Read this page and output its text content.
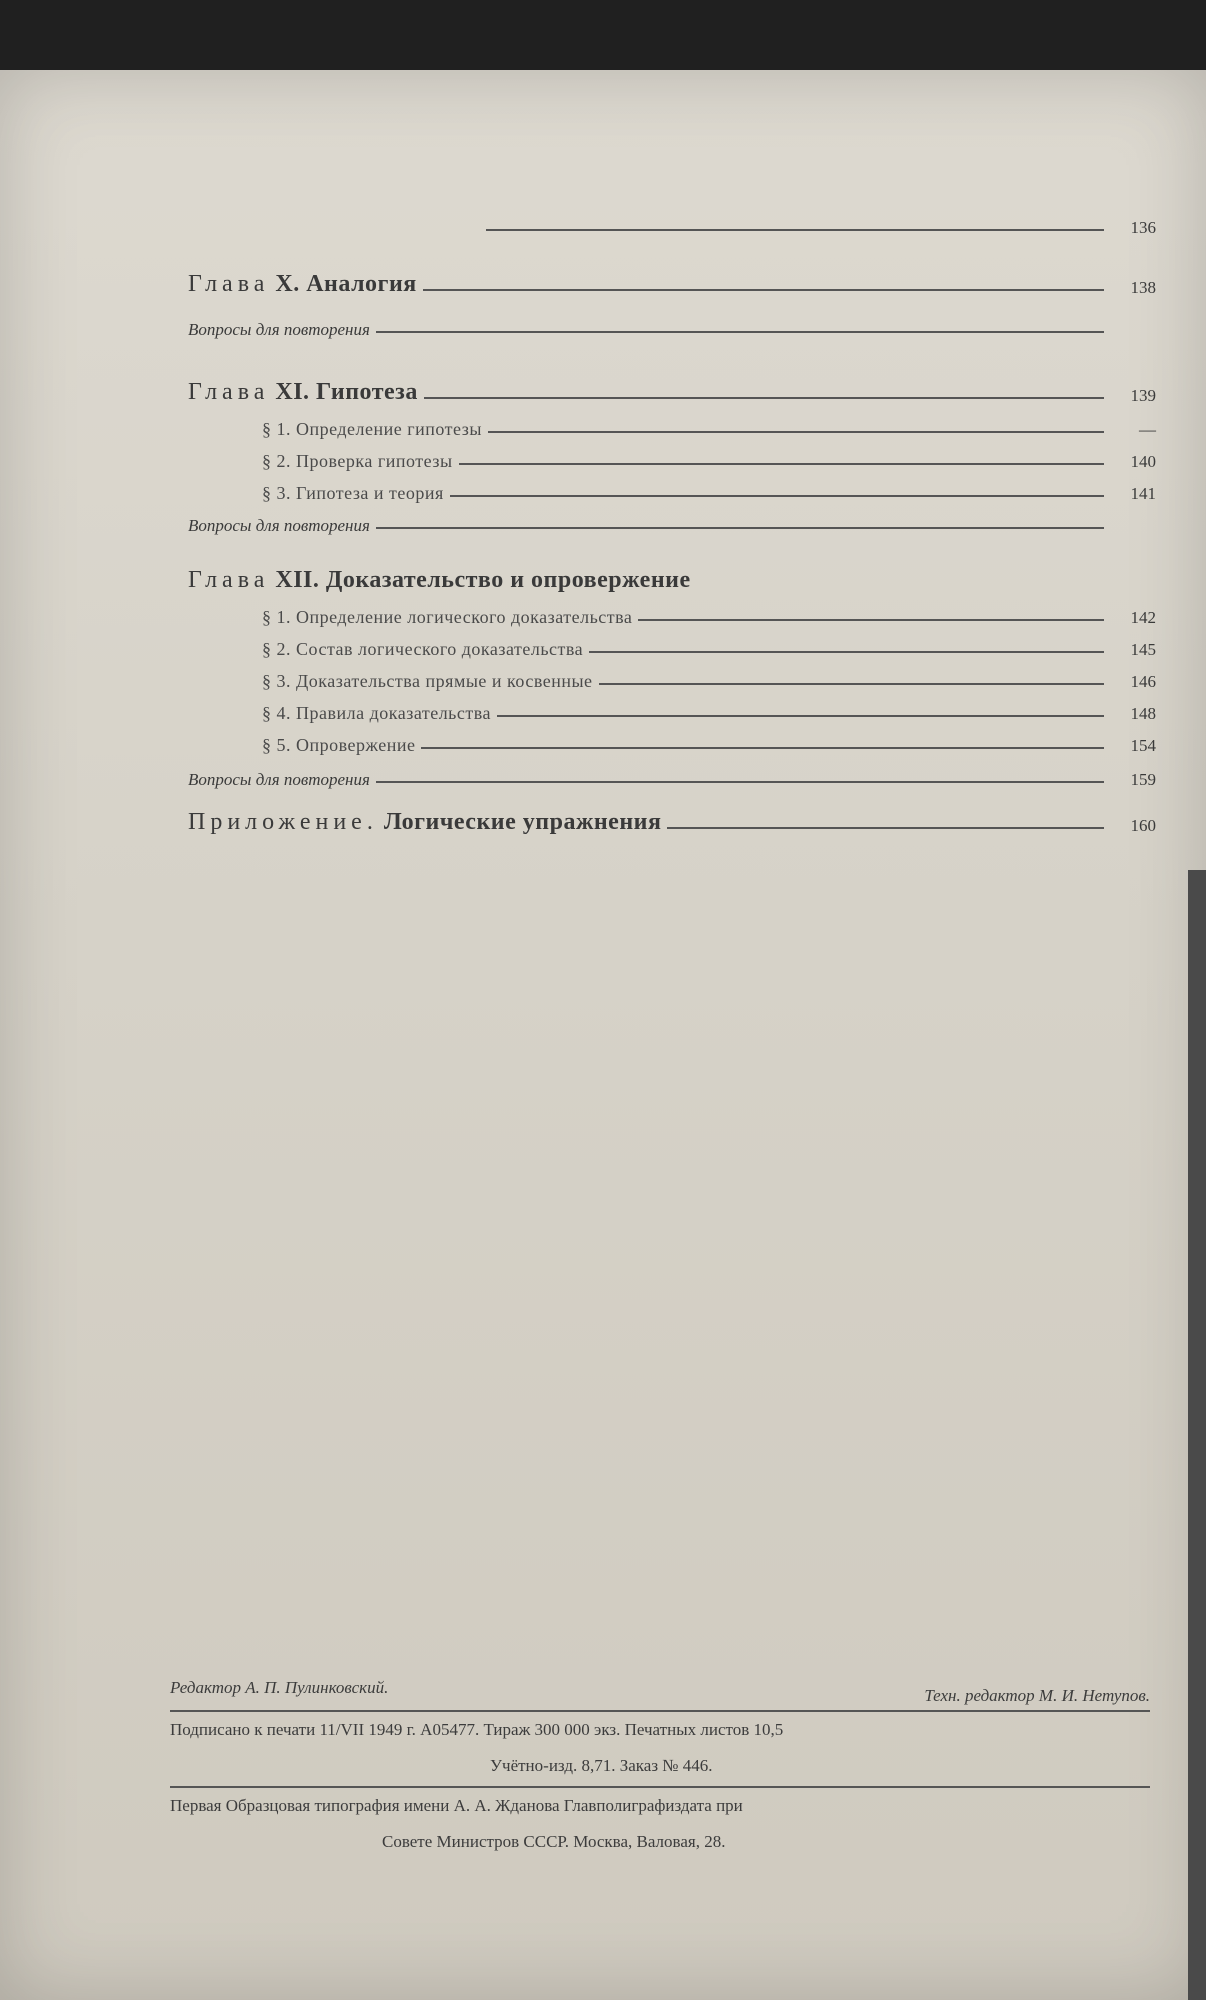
136
Глава X. Аналогия	138
Вопросы для повторения
Глава XI. Гипотеза	139
§ 1. Определение гипотезы	—
§ 2. Проверка гипотезы	140
§ 3. Гипотеза и теория	141
Вопросы для повторения
Глава XII. Доказательство и опровержение
§ 1. Определение логического доказательства	142
§ 2. Состав логического доказательства	145
§ 3. Доказательства прямые и косвенные	146
§ 4. Правила доказательства	148
§ 5. Опровержение	154
Вопросы для повторения	159
Приложение. Логические упражнения	160
Редактор А. П. Пулинковский.	Техн. редактор М. И. Нетупов.
Подписано к печати 11/VII 1949 г. А05477. Тираж 300 000 экз. Печатных листов 10,5
Учётно-изд. 8,71. Заказ № 446.
Первая Образцовая типография имени А. А. Жданова Главполиграфиздата при
Совете Министров СССР. Москва, Валовая, 28.
